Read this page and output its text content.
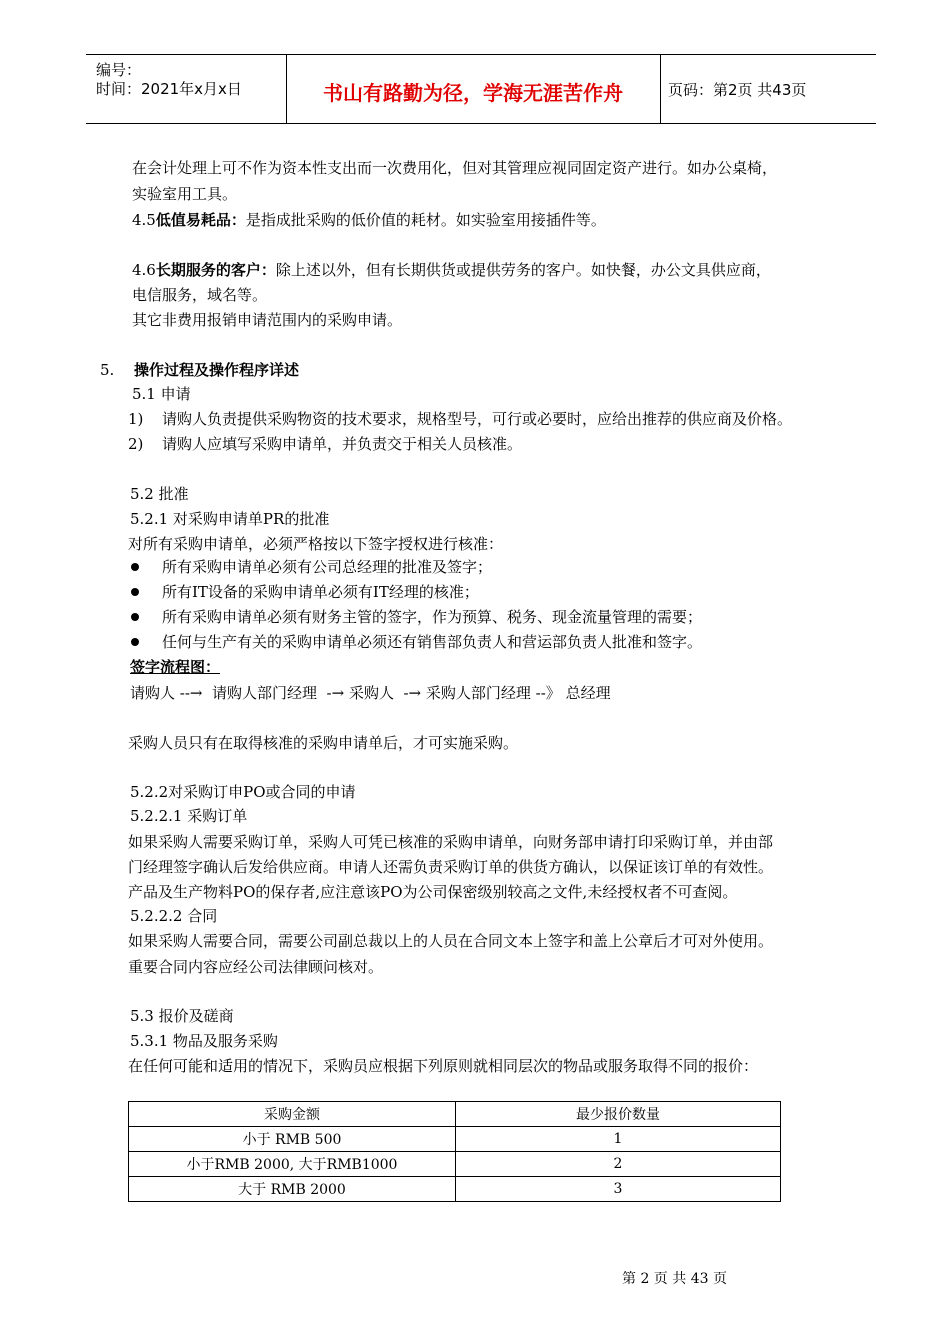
编号：
时间：2021年x月x日	书山有路勤为径，学海无涯苦作舟	页码：第2页 共43页
在会计处理上可不作为资本性支出而一次费用化，但对其管理应视同固定资产进行。如办公桌椅，
实验室用工具。
4.5低值易耗品：是指成批采购的低价值的耗材。如实验室用接插件等。
4.6长期服务的客户：除上述以外，但有长期供货或提供劳务的客户。如快餐，办公文具供应商，
电信服务，域名等。
其它非费用报销申请范围内的采购申请。
5. 操作过程及操作程序详述
5.1 申请
1) 请购人负责提供采购物资的技术要求，规格型号，可行或必要时，应给出推荐的供应商及价格。
2) 请购人应填写采购申请单，并负责交于相关人员核准。
5.2 批准
5.2.1 对采购申请单PR的批准
对所有采购申请单，必须严格按以下签字授权进行核准：
所有采购申请单必须有公司总经理的批准及签字；
所有IT设备的采购申请单必须有IT经理的核准；
所有采购申请单必须有财务主管的签字，作为预算、税务、现金流量管理的需要；
任何与生产有关的采购申请单必须还有销售部负责人和营运部负责人批准和签字。
签字流程图：
请购人 --→  请购人部门经理  -→ 采购人  -→ 采购人部门经理 --》 总经理
采购人员只有在取得核准的采购申请单后，才可实施采购。
5.2.2对采购订申PO或合同的申请
5.2.2.1 采购订单
如果采购人需要采购订单，采购人可凭已核准的采购申请单，向财务部申请打印采购订单，并由部
门经理签字确认后发给供应商。申请人还需负责采购订单的供货方确认，以保证该订单的有效性。
产品及生产物料PO的保存者,应注意该PO为公司保密级别较高之文件,未经授权者不可查阅。
5.2.2.2 合同
如果采购人需要合同，需要公司副总裁以上的人员在合同文本上签字和盖上公章后才可对外使用。
重要合同内容应经公司法律顾问核对。
5.3 报价及磋商
5.3.1 物品及服务采购
在任何可能和适用的情况下，采购员应根据下列原则就相同层次的物品或服务取得不同的报价：
采购金额	最少报价数量
小于 RMB 500	1
小于RMB 2000, 大于RMB1000	2
大于 RMB 2000	3
第 2 页 共 43 页
